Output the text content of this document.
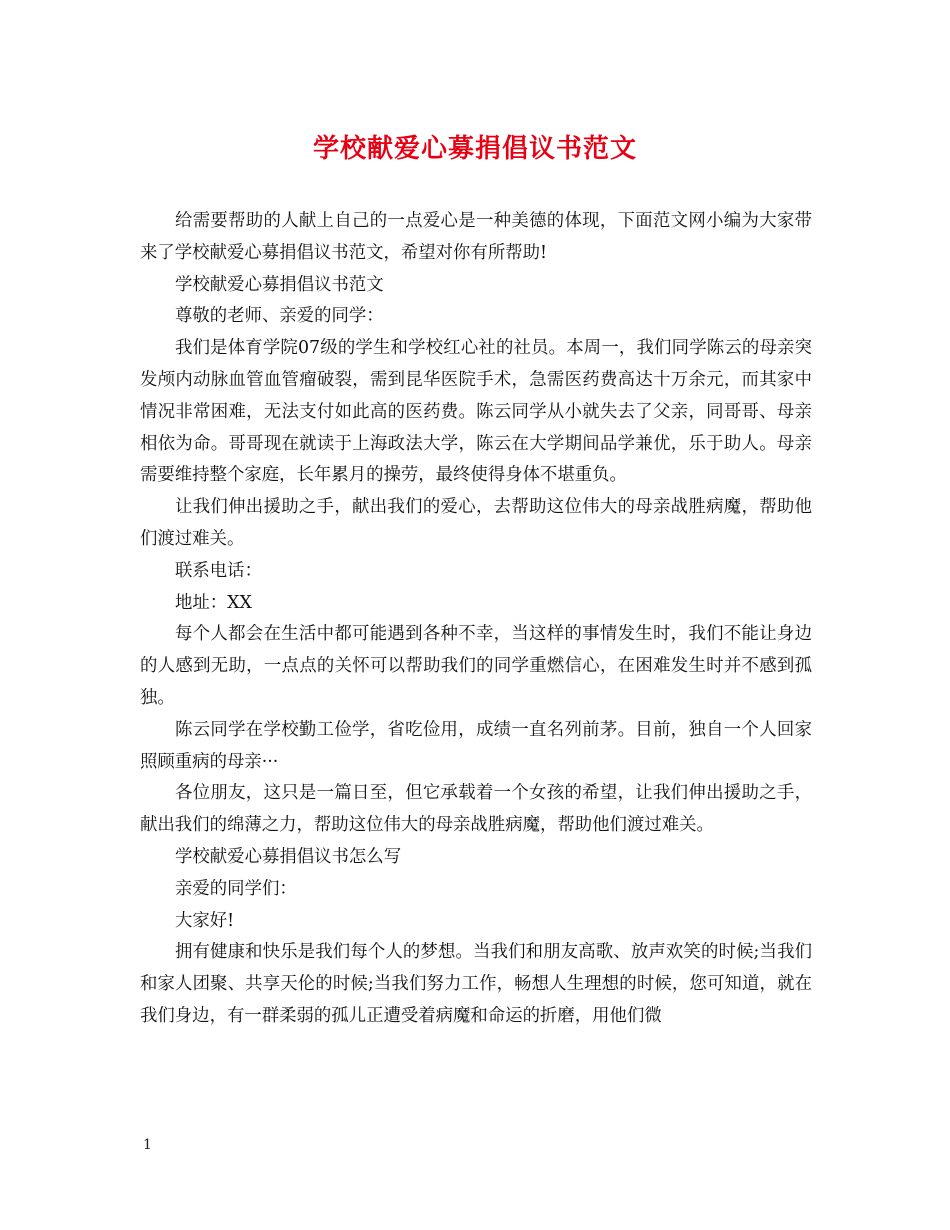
学校献爱心募捐倡议书范文

给需要帮助的人献上自己的一点爱心是一种美德的体现，下面范文网小编为大家带来了学校献爱心募捐倡议书范文，希望对你有所帮助!

学校献爱心募捐倡议书范文

尊敬的老师、亲爱的同学：

我们是体育学院07级的学生和学校红心社的社员。本周一，我们同学陈云的母亲突发颅内动脉血管血管瘤破裂，需到昆华医院手术，急需医药费高达十万余元，而其家中情况非常困难，无法支付如此高的医药费。陈云同学从小就失去了父亲，同哥哥、母亲相依为命。哥哥现在就读于上海政法大学，陈云在大学期间品学兼优，乐于助人。母亲需要维持整个家庭，长年累月的操劳，最终使得身体不堪重负。

让我们伸出援助之手，献出我们的爱心，去帮助这位伟大的母亲战胜病魔，帮助他们渡过难关。

联系电话：

地址：XX

每个人都会在生活中都可能遇到各种不幸，当这样的事情发生时，我们不能让身边的人感到无助，一点点的关怀可以帮助我们的同学重燃信心，在困难发生时并不感到孤独。

陈云同学在学校勤工俭学，省吃俭用，成绩一直名列前茅。目前，独自一个人回家照顾重病的母亲···

各位朋友，这只是一篇日至，但它承载着一个女孩的希望，让我们伸出援助之手，献出我们的绵薄之力，帮助这位伟大的母亲战胜病魔，帮助他们渡过难关。

学校献爱心募捐倡议书怎么写

亲爱的同学们：

大家好!

拥有健康和快乐是我们每个人的梦想。当我们和朋友高歌、放声欢笑的时候;当我们和家人团聚、共享天伦的时候;当我们努力工作，畅想人生理想的时候，您可知道，就在我们身边，有一群柔弱的孤儿正遭受着病魔和命运的折磨，用他们微

1
